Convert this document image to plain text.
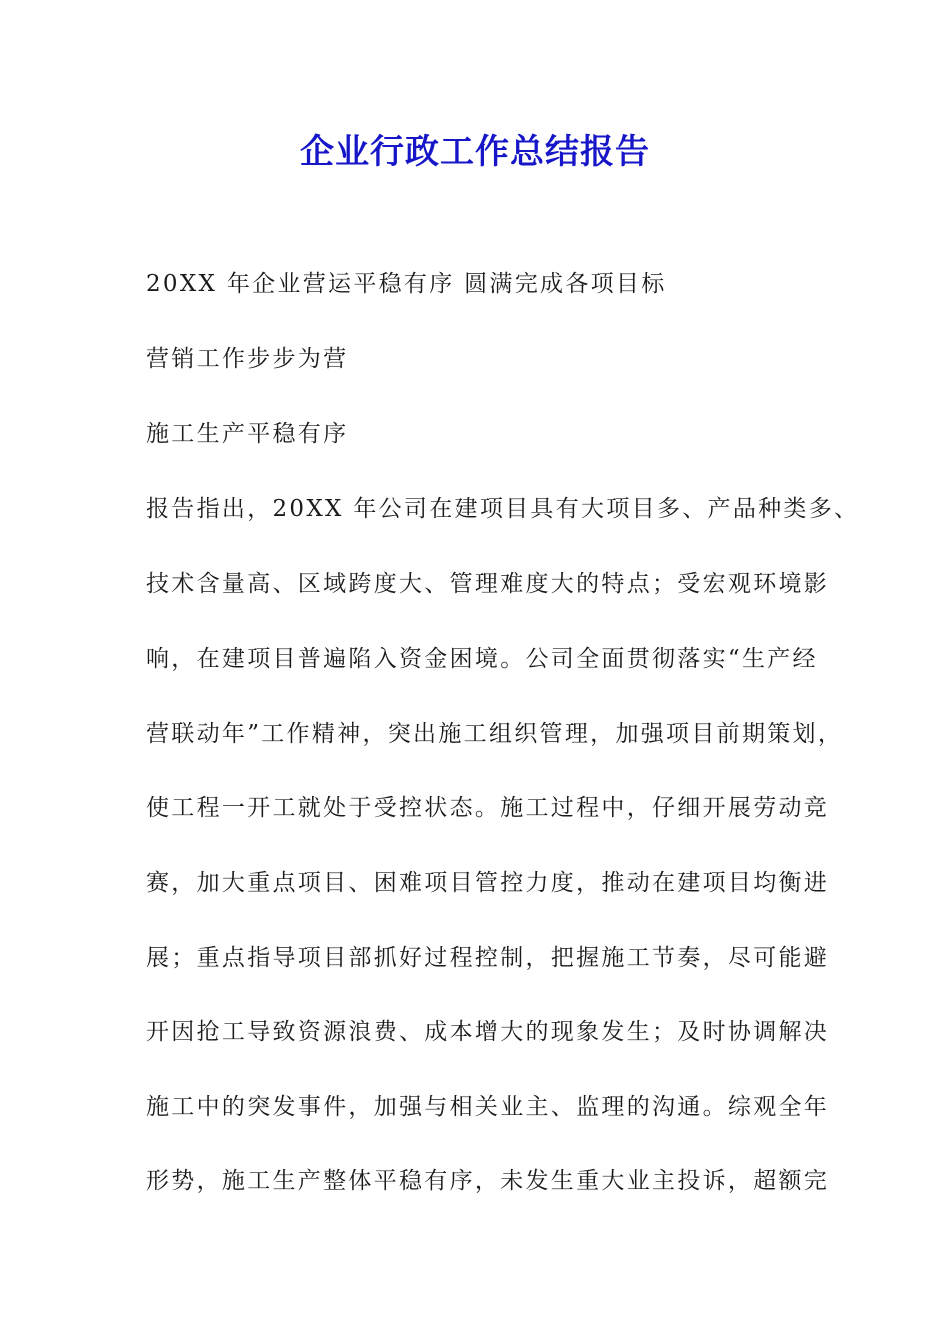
企业行政工作总结报告
20XX 年企业营运平稳有序 圆满完成各项目标
营销工作步步为营
施工生产平稳有序
报告指出，20XX 年公司在建项目具有大项目多、产品种类多、
技术含量高、区域跨度大、管理难度大的特点；受宏观环境影
响，在建项目普遍陷入资金困境。公司全面贯彻落实“生产经
营联动年”工作精神，突出施工组织管理，加强项目前期策划，
使工程一开工就处于受控状态。施工过程中，仔细开展劳动竞
赛，加大重点项目、困难项目管控力度，推动在建项目均衡进
展；重点指导项目部抓好过程控制，把握施工节奏，尽可能避
开因抢工导致资源浪费、成本增大的现象发生；及时协调解决
施工中的突发事件，加强与相关业主、监理的沟通。综观全年
形势，施工生产整体平稳有序，未发生重大业主投诉，超额完
